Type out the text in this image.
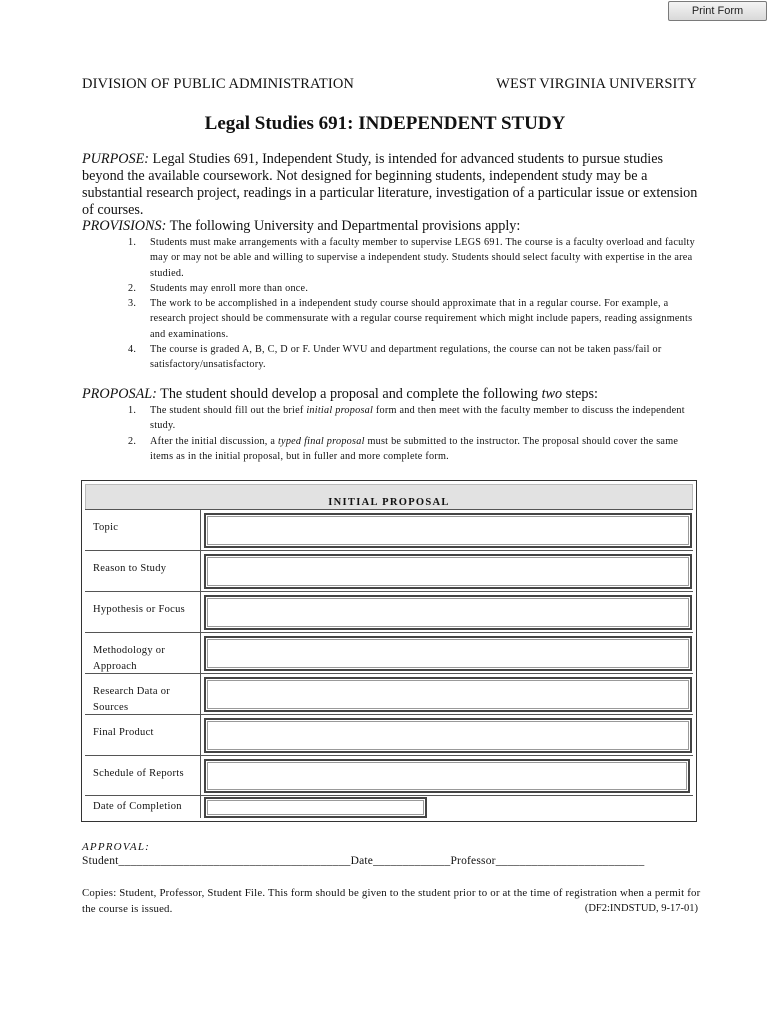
Print Form
DIVISION OF PUBLIC ADMINISTRATION	WEST VIRGINIA UNIVERSITY
Legal Studies 691: INDEPENDENT STUDY
PURPOSE: Legal Studies 691, Independent Study, is intended for advanced students to pursue studies beyond the available coursework. Not designed for beginning students, independent study may be a substantial research project, readings in a particular literature, investigation of a particular issue or extension of courses.
PROVISIONS: The following University and Departmental provisions apply:
1. Students must make arrangements with a faculty member to supervise LEGS 691. The course is a faculty overload and faculty may or may not be able and willing to supervise a independent study. Students should select faculty with expertise in the area studied.
2. Students may enroll more than once.
3. The work to be accomplished in a independent study course should approximate that in a regular course. For example, a research project should be commensurate with a regular course requirement which might include papers, reading assignments and examinations.
4. The course is graded A, B, C, D or F. Under WVU and department regulations, the course can not be taken pass/fail or satisfactory/unsatisfactory.
PROPOSAL: The student should develop a proposal and complete the following two steps:
1. The student should fill out the brief initial proposal form and then meet with the faculty member to discuss the independent study.
2. After the initial discussion, a typed final proposal must be submitted to the instructor. The proposal should cover the same items as in the initial proposal, but in fuller and more complete form.
INITIAL PROPOSAL
Topic
Reason to Study
Hypothesis or Focus
Methodology or Approach
Research Data or Sources
Final Product
Schedule of Reports
Date of Completion
APPROVAL:
Student_______________________________________Date_____________Professor_________________________
Copies: Student, Professor, Student File. This form should be given to the student prior to or at the time of registration when a permit for the course is issued.	(DF2:INDSTUD, 9-17-01)
